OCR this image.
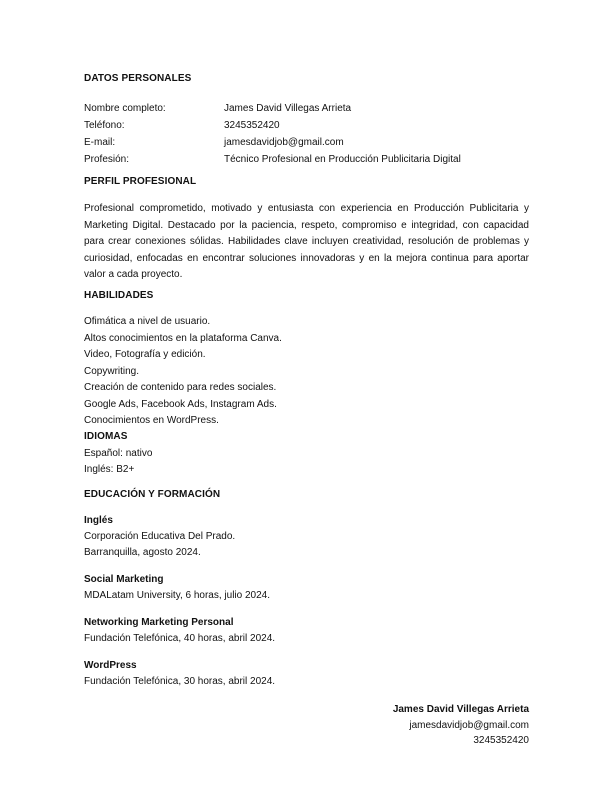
DATOS PERSONALES
Nombre completo:	James David Villegas Arrieta
Teléfono:	3245352420
E-mail:	jamesdavidjob@gmail.com
Profesión:	Técnico Profesional en Producción Publicitaria Digital
PERFIL PROFESIONAL
Profesional comprometido, motivado y entusiasta con experiencia en Producción Publicitaria y
Marketing Digital. Destacado por la paciencia, respeto, compromiso e integridad, con capacidad
para crear conexiones sólidas. Habilidades clave incluyen creatividad, resolución de problemas y
curiosidad, enfocadas en encontrar soluciones innovadoras y en la mejora continua para aportar
valor a cada proyecto.
HABILIDADES
Ofimática a nivel de usuario.
Altos conocimientos en la plataforma Canva.
Video, Fotografía y edición.
Copywriting.
Creación de contenido para redes sociales.
Google Ads, Facebook Ads, Instagram Ads.
Conocimientos en WordPress.
IDIOMAS
Español: nativo
Inglés: B2+
EDUCACIÓN Y FORMACIÓN
Inglés
Corporación Educativa Del Prado.
Barranquilla, agosto 2024.
Social Marketing
MDALatam University, 6 horas, julio 2024.
Networking Marketing Personal
Fundación Telefónica, 40 horas, abril 2024.
WordPress
Fundación Telefónica, 30 horas, abril 2024.
James David Villegas Arrieta
jamesdavidjob@gmail.com
3245352420
